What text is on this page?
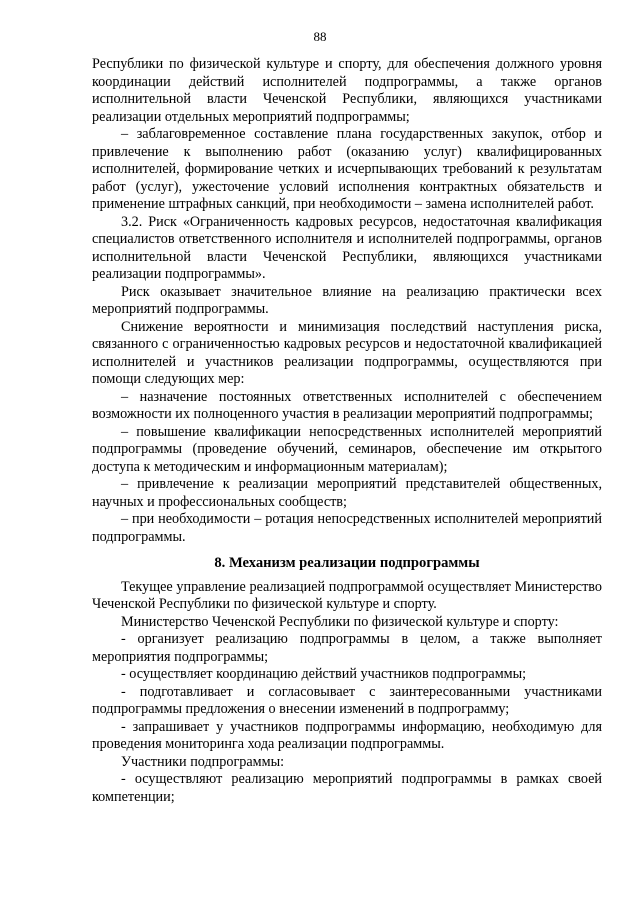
88

Республики по физической культуре и спорту, для обеспечения должного уровня координации действий исполнителей подпрограммы, а также органов исполнительной власти Чеченской Республики, являющихся участниками реализации отдельных мероприятий подпрограммы;

– заблаговременное составление плана государственных закупок, отбор и привлечение к выполнению работ (оказанию услуг) квалифицированных исполнителей, формирование четких и исчерпывающих требований к результатам работ (услуг), ужесточение условий исполнения контрактных обязательств и применение штрафных санкций, при необходимости – замена исполнителей работ.

3.2. Риск «Ограниченность кадровых ресурсов, недостаточная квалификация специалистов ответственного исполнителя и исполнителей подпрограммы, органов исполнительной власти Чеченской Республики, являющихся участниками реализации подпрограммы».

Риск оказывает значительное влияние на реализацию практически всех мероприятий подпрограммы.

Снижение вероятности и минимизация последствий наступления риска, связанного с ограниченностью кадровых ресурсов и недостаточной квалификацией исполнителей и участников реализации подпрограммы, осуществляются при помощи следующих мер:

– назначение постоянных ответственных исполнителей с обеспечением возможности их полноценного участия в реализации мероприятий подпрограммы;

– повышение квалификации непосредственных исполнителей мероприятий подпрограммы (проведение обучений, семинаров, обеспечение им открытого доступа к методическим и информационным материалам);

– привлечение к реализации мероприятий представителей общественных, научных и профессиональных сообществ;

– при необходимости – ротация непосредственных исполнителей мероприятий подпрограммы.

8. Механизм реализации подпрограммы

Текущее управление реализацией подпрограммой осуществляет Министерство Чеченской Республики по физической культуре и спорту.

Министерство Чеченской Республики по физической культуре и спорту:

- организует реализацию подпрограммы в целом, а также выполняет мероприятия подпрограммы;

- осуществляет координацию действий участников подпрограммы;

- подготавливает и согласовывает с заинтересованными участниками подпрограммы предложения о внесении изменений в подпрограмму;

- запрашивает у участников подпрограммы информацию, необходимую для проведения мониторинга хода реализации подпрограммы.

Участники подпрограммы:

- осуществляют реализацию мероприятий подпрограммы в рамках своей компетенции;
